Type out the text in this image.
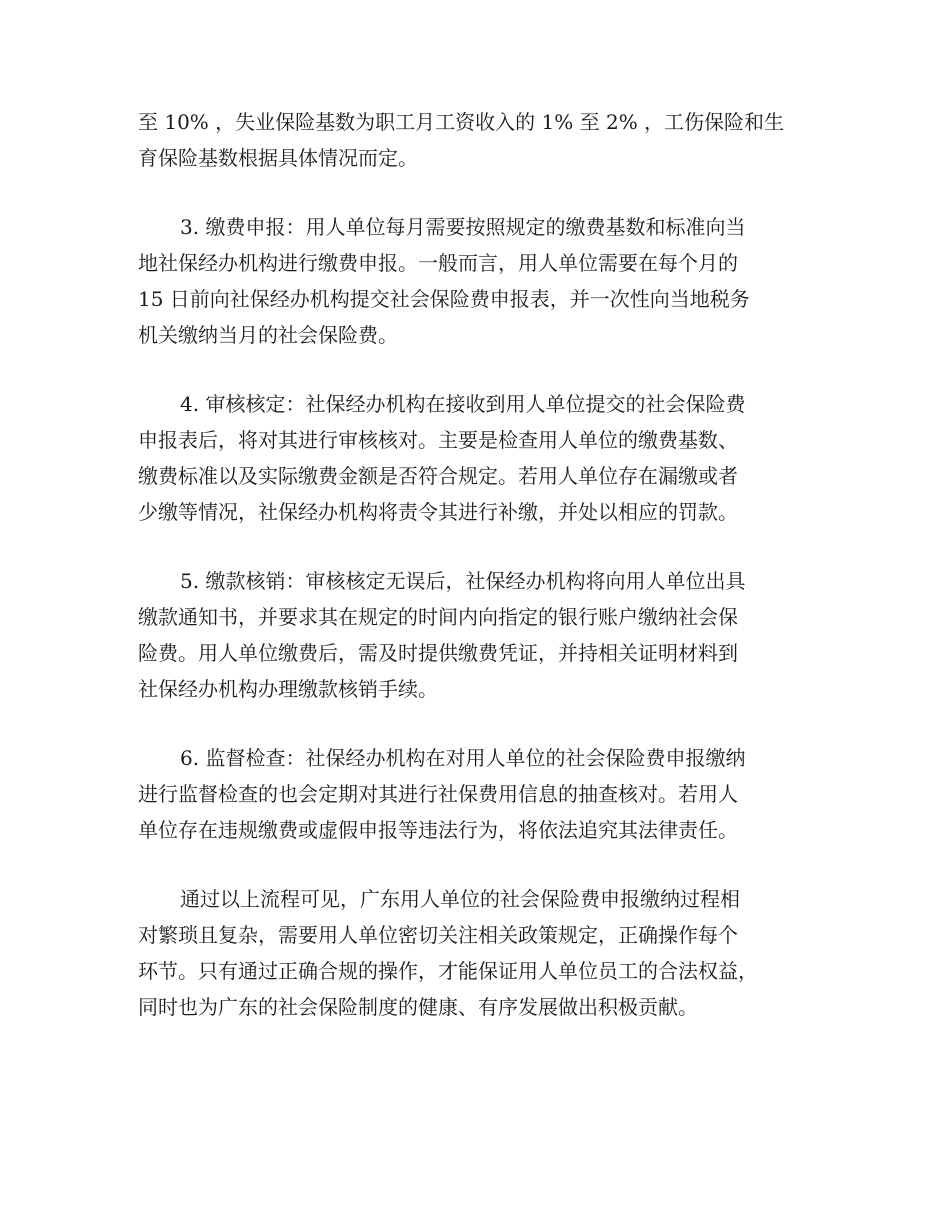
至 10% ，失业保险基数为职工月工资收入的 1% 至 2% ，工伤保险和生
育保险基数根据具体情况而定。
3. 缴费申报：用人单位每月需要按照规定的缴费基数和标准向当
地社保经办机构进行缴费申报。一般而言，用人单位需要在每个月的
15 日前向社保经办机构提交社会保险费申报表，并一次性向当地税务
机关缴纳当月的社会保险费。
4. 审核核定：社保经办机构在接收到用人单位提交的社会保险费
申报表后，将对其进行审核核对。主要是检查用人单位的缴费基数、
缴费标准以及实际缴费金额是否符合规定。若用人单位存在漏缴或者
少缴等情况，社保经办机构将责令其进行补缴，并处以相应的罚款。
5. 缴款核销：审核核定无误后，社保经办机构将向用人单位出具
缴款通知书，并要求其在规定的时间内向指定的银行账户缴纳社会保
险费。用人单位缴费后，需及时提供缴费凭证，并持相关证明材料到
社保经办机构办理缴款核销手续。
6. 监督检查：社保经办机构在对用人单位的社会保险费申报缴纳
进行监督检查的也会定期对其进行社保费用信息的抽查核对。若用人
单位存在违规缴费或虚假申报等违法行为，将依法追究其法律责任。
通过以上流程可见，广东用人单位的社会保险费申报缴纳过程相
对繁琐且复杂，需要用人单位密切关注相关政策规定，正确操作每个
环节。只有通过正确合规的操作，才能保证用人单位员工的合法权益，
同时也为广东的社会保险制度的健康、有序发展做出积极贡献。
